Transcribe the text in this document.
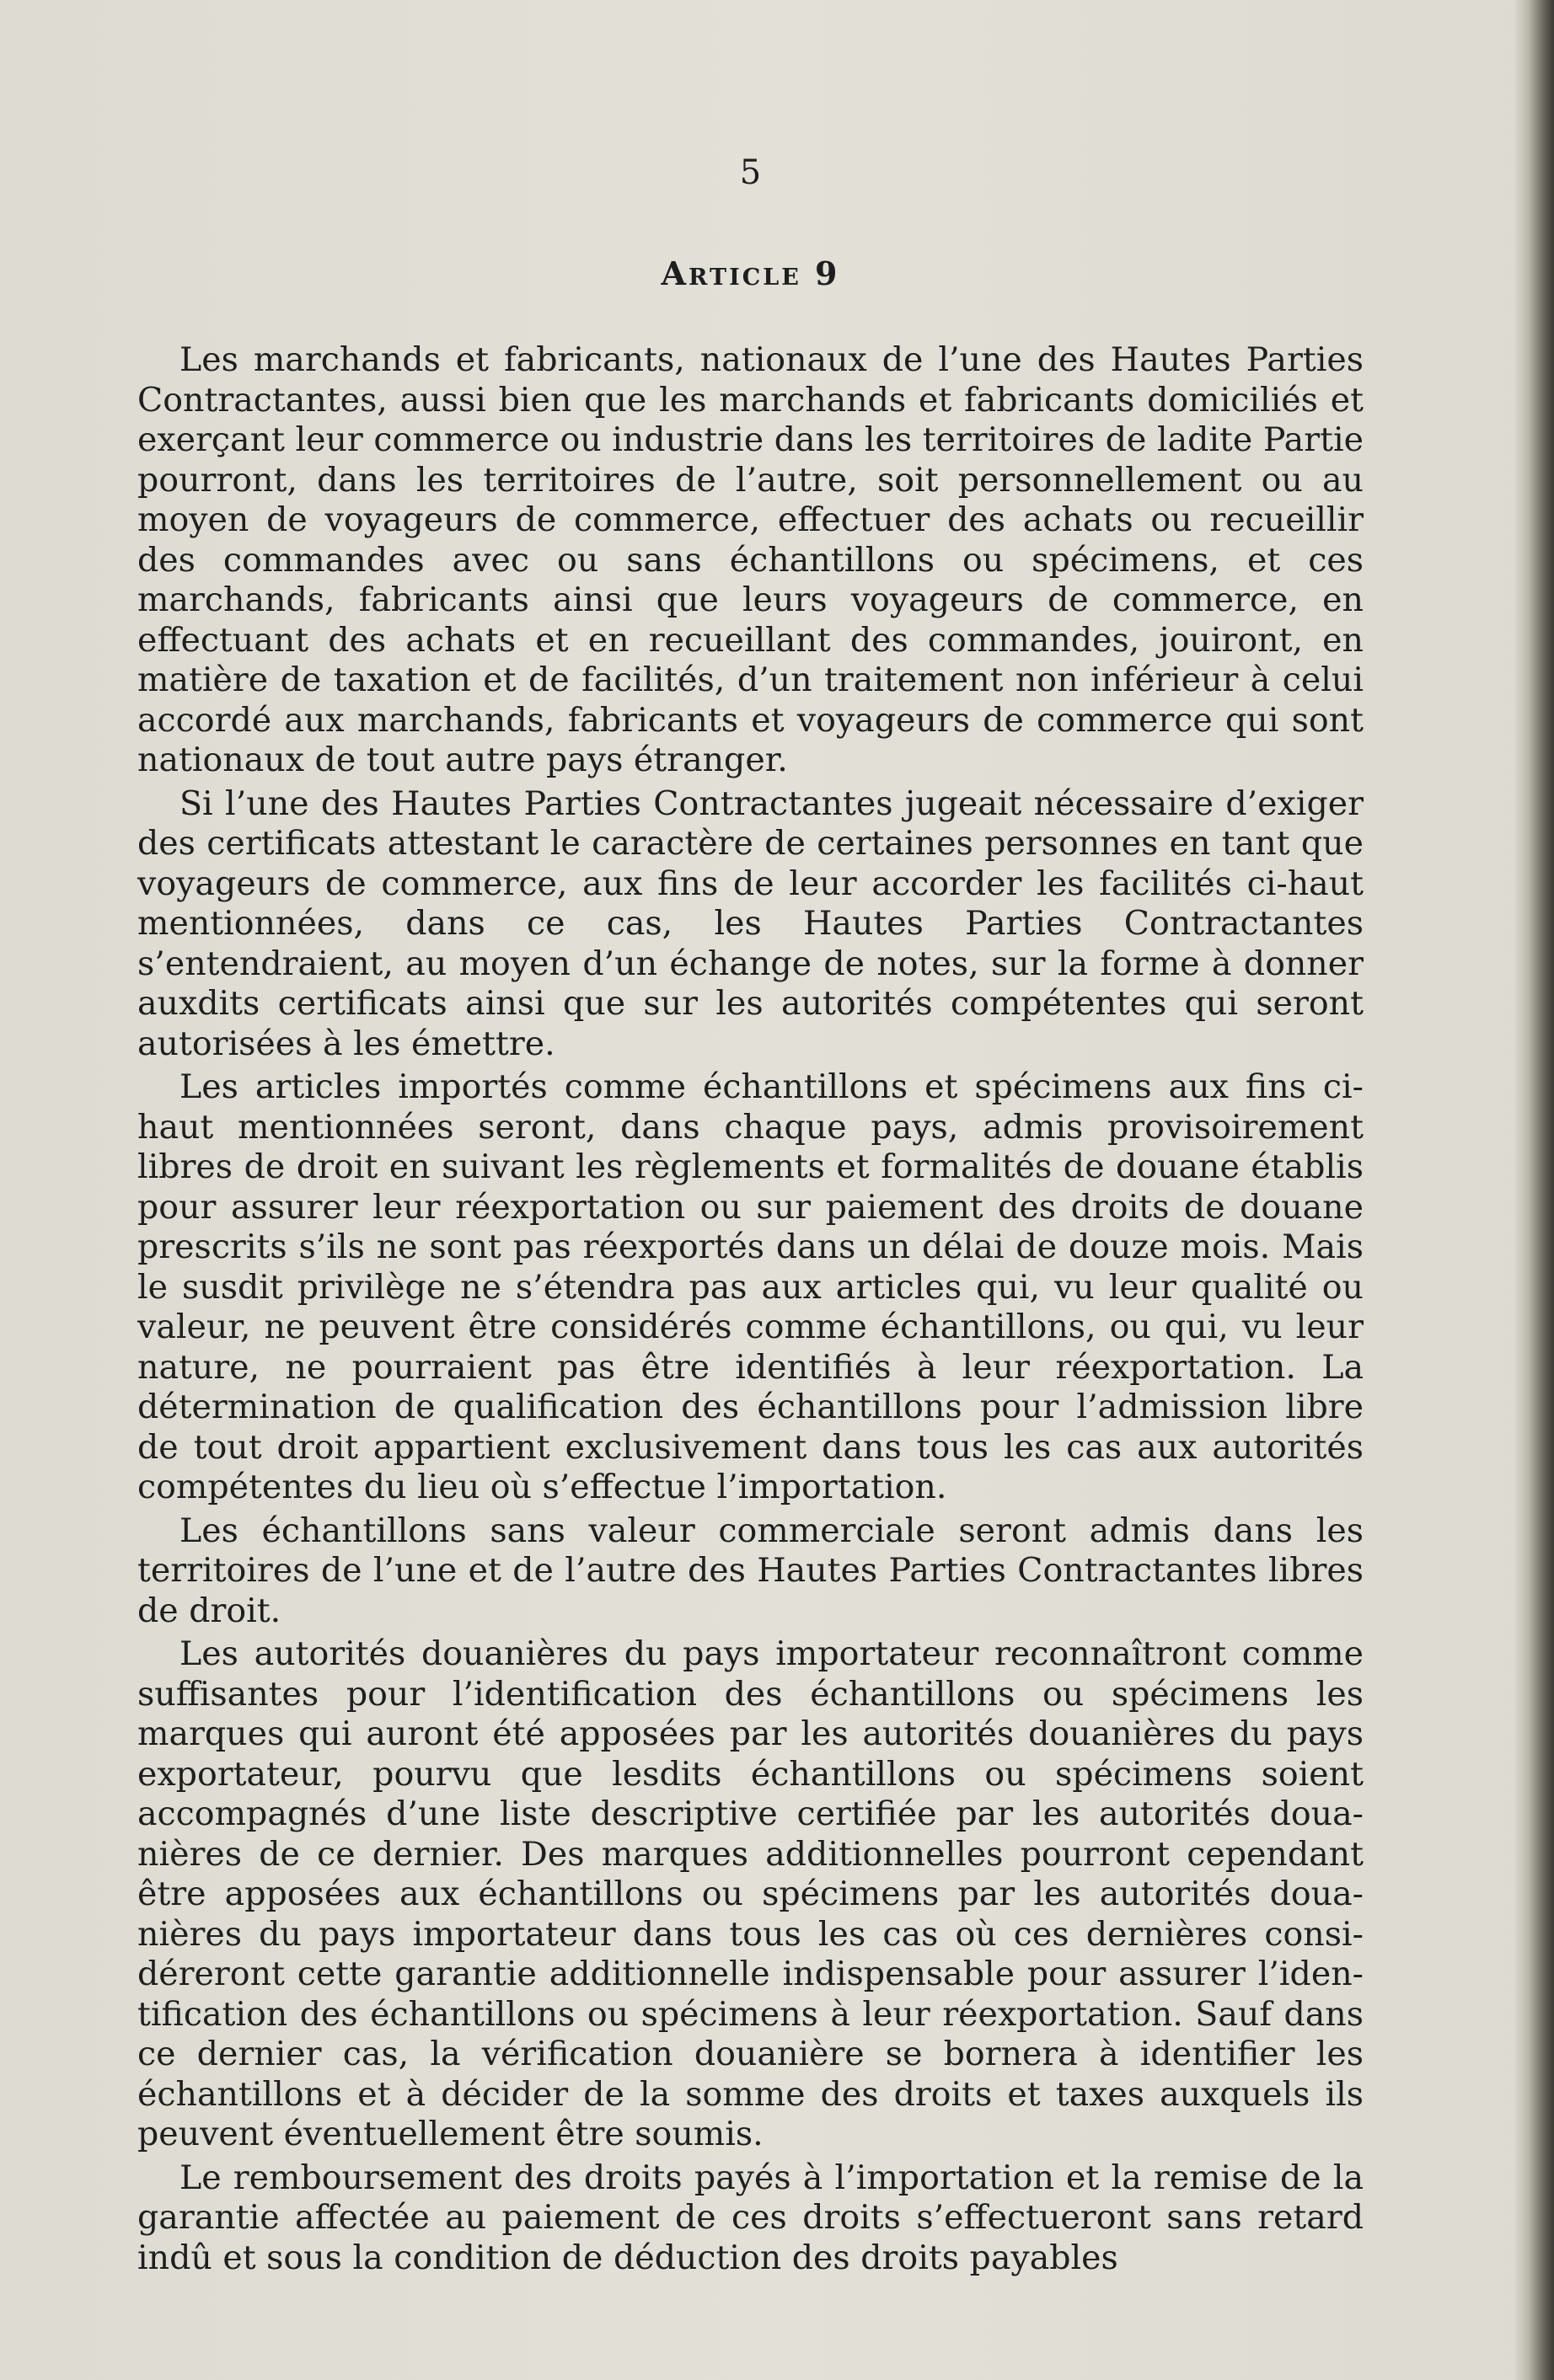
5

Article 9

Les marchands et fabricants, nationaux de l’une des Hautes Parties Contractantes, aussi bien que les marchands et fabricants domiciliés et exerçant leur commerce ou industrie dans les territoires de ladite Partie pourront, dans les territoires de l’autre, soit personnellement ou au moyen de voyageurs de commerce, effectuer des achats ou recueillir des commandes avec ou sans échantillons ou spécimens, et ces marchands, fabricants ainsi que leurs voyageurs de commerce, en effectuant des achats et en recueillant des commandes, jouiront, en matière de taxation et de facilités, d’un traitement non inférieur à celui accordé aux marchands, fabricants et voyageurs de commerce qui sont nationaux de tout autre pays étranger.

Si l’une des Hautes Parties Contractantes jugeait nécessaire d’exiger des certificats attestant le caractère de certaines personnes en tant que voyageurs de commerce, aux fins de leur accorder les facilités ci-haut mentionnées, dans ce cas, les Hautes Parties Contractantes s’entendraient, au moyen d’un échange de notes, sur la forme à donner auxdits certificats ainsi que sur les autorités compétentes qui seront autorisées à les émettre.

Les articles importés comme échantillons et spécimens aux fins ci-haut mentionnées seront, dans chaque pays, admis provisoirement libres de droit en suivant les règlements et formalités de douane établis pour assurer leur réexportation ou sur paiement des droits de douane prescrits s’ils ne sont pas réexportés dans un délai de douze mois. Mais le susdit privilège ne s’étendra pas aux articles qui, vu leur qualité ou valeur, ne peuvent être considérés comme échantillons, ou qui, vu leur nature, ne pourraient pas être identifiés à leur réexportation. La détermination de qualification des échantillons pour l’admission libre de tout droit appartient exclusivement dans tous les cas aux autorités compétentes du lieu où s’effectue l’importation.

Les échantillons sans valeur commerciale seront admis dans les territoires de l’une et de l’autre des Hautes Parties Contractantes libres de droit.

Les autorités douanières du pays importateur reconnaîtront comme suffisantes pour l’identification des échantillons ou spécimens les marques qui auront été apposées par les autorités douanières du pays exportateur, pourvu que lesdits échantillons ou spécimens soient accompagnés d’une liste descriptive certifiée par les autorités douanières de ce dernier. Des marques additionnelles pourront cependant être apposées aux échantillons ou spécimens par les autorités douanières du pays importateur dans tous les cas où ces dernières considéreront cette garantie additionnelle indispensable pour assurer l’identification des échantillons ou spécimens à leur réexportation. Sauf dans ce dernier cas, la vérification douanière se bornera à identifier les échantillons et à décider de la somme des droits et taxes auxquels ils peuvent éventuellement être soumis.

Le remboursement des droits payés à l’importation et la remise de la garantie affectée au paiement de ces droits s’effectueront sans retard indû et sous la condition de déduction des droits payables
